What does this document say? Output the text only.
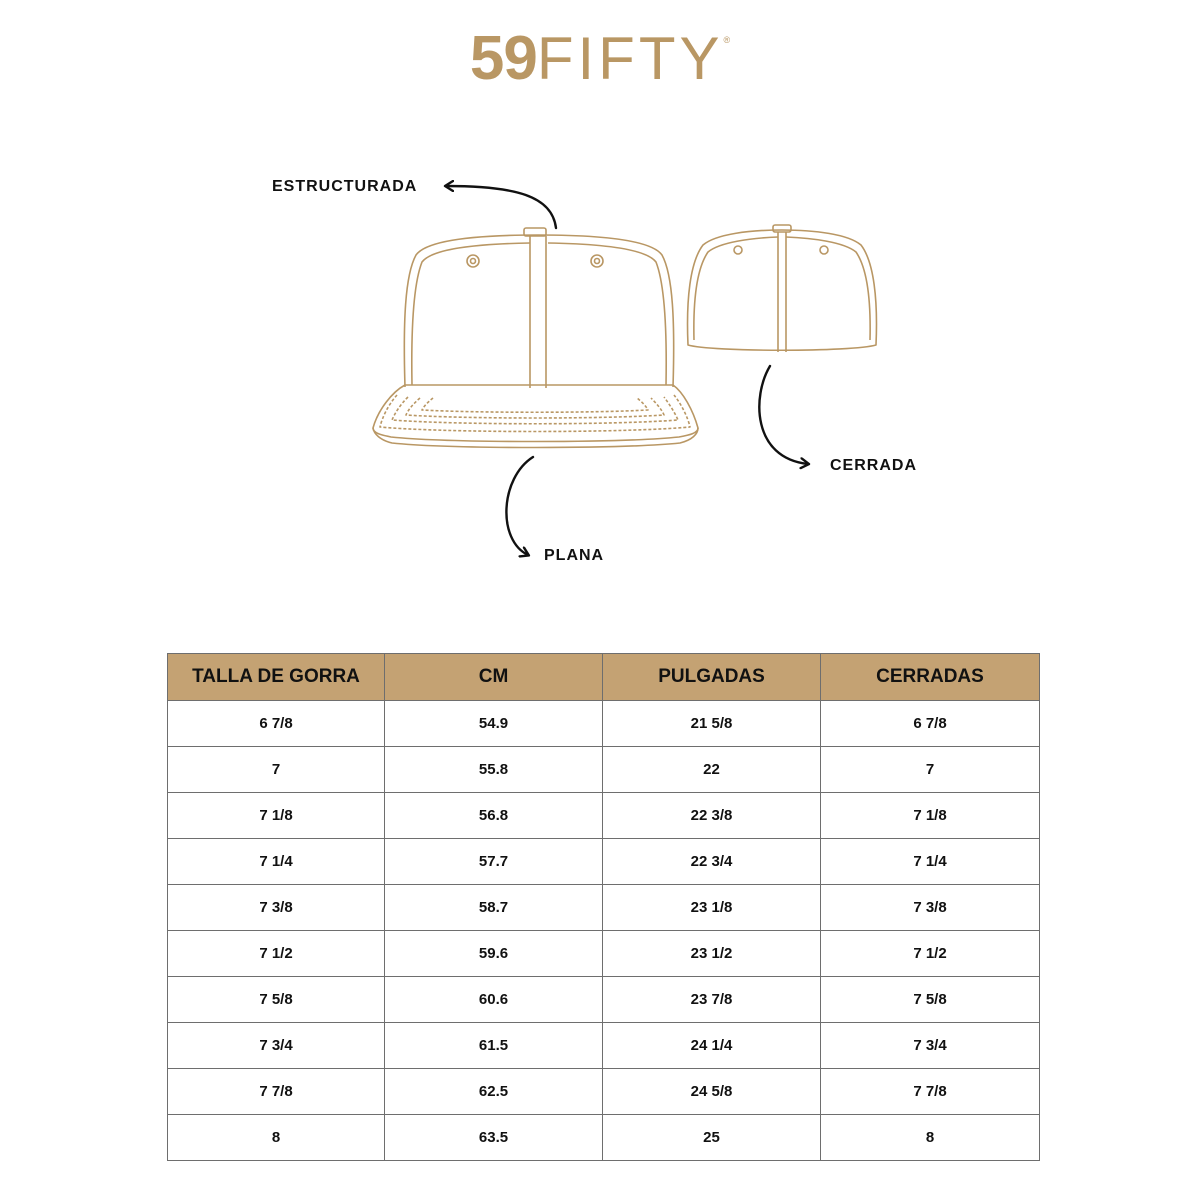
59FIFTY®
ESTRUCTURADA
PLANA
CERRADA
TALLA DE GORRA	CM	PULGADAS	CERRADAS
6 7/8	54.9	21 5/8	6 7/8
7	55.8	22	7
7 1/8	56.8	22 3/8	7 1/8
7 1/4	57.7	22 3/4	7 1/4
7 3/8	58.7	23 1/8	7 3/8
7 1/2	59.6	23 1/2	7 1/2
7 5/8	60.6	23 7/8	7 5/8
7 3/4	61.5	24 1/4	7 3/4
7 7/8	62.5	24 5/8	7 7/8
8	63.5	25	8
